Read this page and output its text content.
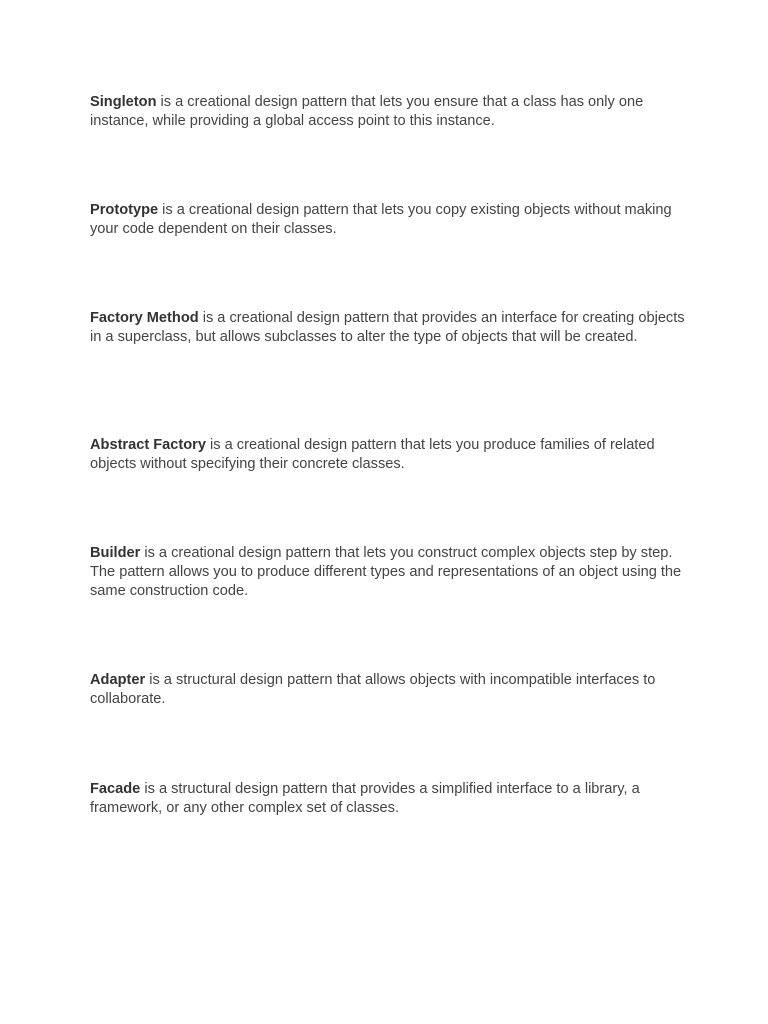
Singleton is a creational design pattern that lets you ensure that a class has only one instance, while providing a global access point to this instance.

Prototype is a creational design pattern that lets you copy existing objects without making your code dependent on their classes.

Factory Method is a creational design pattern that provides an interface for creating objects in a superclass, but allows subclasses to alter the type of objects that will be created.

Abstract Factory is a creational design pattern that lets you produce families of related objects without specifying their concrete classes.

Builder is a creational design pattern that lets you construct complex objects step by step. The pattern allows you to produce different types and representations of an object using the same construction code.

Adapter is a structural design pattern that allows objects with incompatible interfaces to collaborate.

Facade is a structural design pattern that provides a simplified interface to a library, a framework, or any other complex set of classes.
